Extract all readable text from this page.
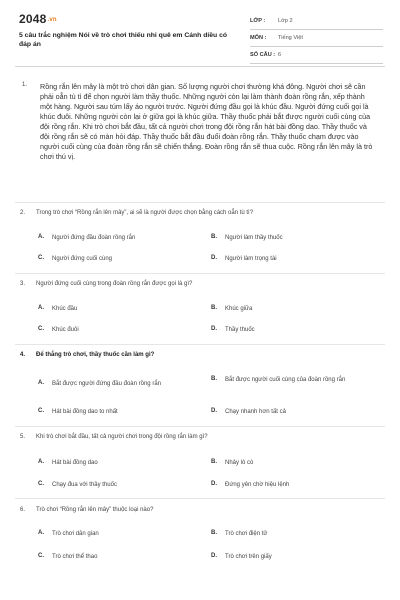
2048.vn
5 câu trắc nghiệm Nói về trò chơi thiếu nhi quê em Cánh diều có đáp án
LỚP :	Lớp 2
MÔN :	Tiếng Việt
SỐ CÂU : 6
1. Rồng rắn lên mây là một trò chơi dân gian. Số lượng người chơi thường khá đông. Người chơi sẽ cần phải oẳn tù tì để chọn người làm thầy thuốc. Những người còn lại làm thành đoàn rồng rắn, xếp thành một hàng. Người sau túm lấy áo người trước. Người đứng đầu gọi là khúc đầu. Người đứng cuối gọi là khúc đuôi. Những người còn lại ở giữa gọi là khúc giữa. Thầy thuốc phải bắt được người cuối cùng của đội rồng rắn. Khi trò chơi bắt đầu, tất cả người chơi trong đội rồng rắn hát bài đồng dao. Thầy thuốc và đội rồng rắn sẽ có màn hỏi đáp. Thầy thuốc bắt đầu đuổi đoàn rồng rắn. Thầy thuốc chạm được vào người cuối cùng của đoàn rồng rắn sẽ chiến thắng. Đoàn rồng rắn sẽ thua cuộc. Rồng rắn lên mây là trò chơi thú vị.
2. Trong trò chơi “Rồng rắn lên mây”, ai sẽ là người được chọn bằng cách oẳn tù tì?
A.	Người đứng đầu đoàn rồng rắn	B.	Người làm thầy thuốc
C.	Người đứng cuối cùng	D.	Người làm trọng tài
3. Người đứng cuối cùng trong đoàn rồng rắn được gọi là gì?
A.	Khúc đầu	B.	Khúc giữa
C.	Khúc đuôi	D.	Thầy thuốc
4. Để thắng trò chơi, thầy thuốc cần làm gì?
A.	Bắt được người đứng đầu đoàn rồng rắn
B.	Bắt được người cuối cùng của đoàn rồng rắn
C.	Hát bài đồng dao to nhất	D.	Chạy nhanh hơn tất cả
5. Khi trò chơi bắt đầu, tất cả người chơi trong đội rồng rắn làm gì?
A.	Hát bài đồng dao	B.	Nhảy lò cò
C.	Chạy đua với thầy thuốc	D.	Đứng yên chờ hiệu lệnh
6. Trò chơi “Rồng rắn lên mây” thuộc loại nào?
A.	Trò chơi dân gian	B.	Trò chơi điện tử
C.	Trò chơi thể thao	D.	Trò chơi trên giấy
